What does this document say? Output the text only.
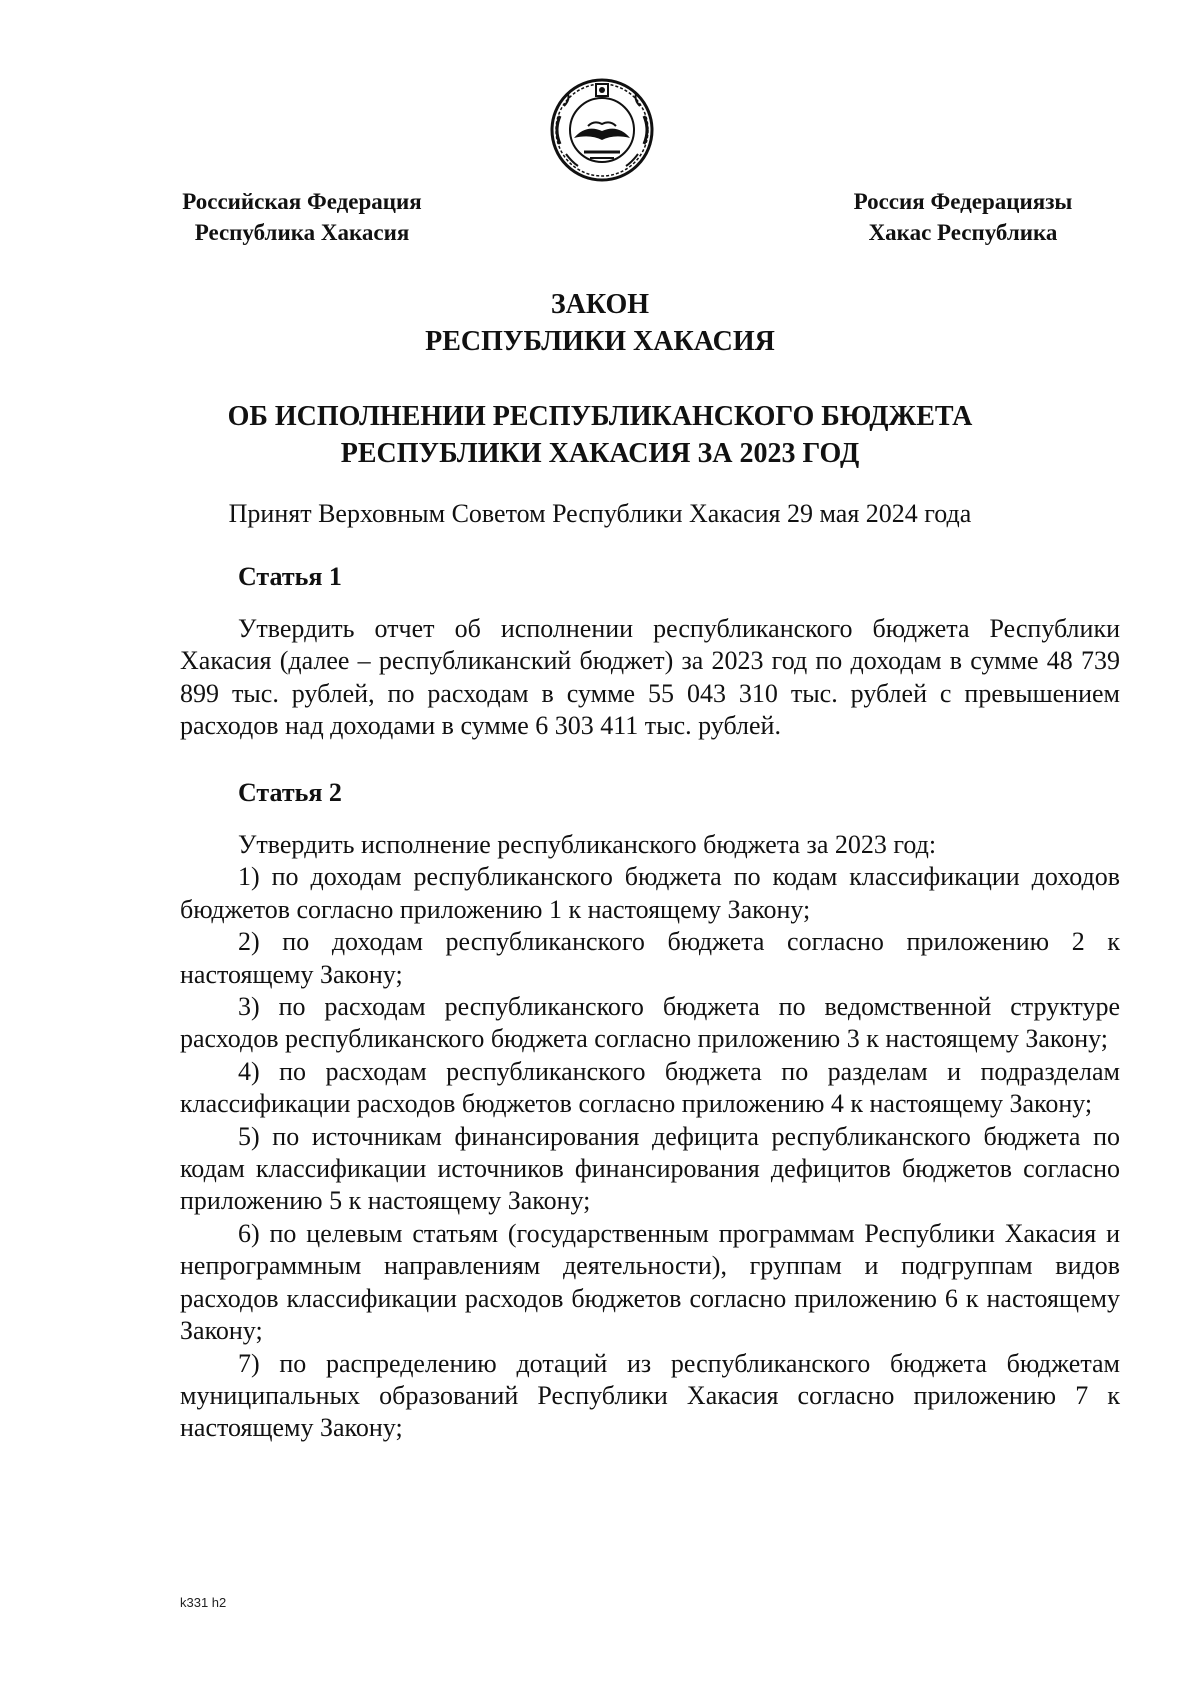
Российская Федерация
Республика Хакасия
Россия Федерациязы
Хакас Республика
ЗАКОН
РЕСПУБЛИКИ ХАКАСИЯ
ОБ ИСПОЛНЕНИИ РЕСПУБЛИКАНСКОГО БЮДЖЕТА
РЕСПУБЛИКИ ХАКАСИЯ ЗА 2023 ГОД
Принят Верховным Советом Республики Хакасия 29 мая 2024 года
Статья 1

Утвердить отчет об исполнении республиканского бюджета Республики Хакасия (далее – республиканский бюджет) за 2023 год по доходам в сумме 48 739 899 тыс. рублей, по расходам в сумме 55 043 310 тыс. рублей с превышением расходов над доходами в сумме 6 303 411 тыс. рублей.

Статья 2

Утвердить исполнение республиканского бюджета за 2023 год:

1) по доходам республиканского бюджета по кодам классификации доходов бюджетов согласно приложению 1 к настоящему Закону;

2) по доходам республиканского бюджета согласно приложению 2 к настоящему Закону;

3) по расходам республиканского бюджета по ведомственной структуре расходов республиканского бюджета согласно приложению 3 к настоящему Закону;

4) по расходам республиканского бюджета по разделам и подразделам классификации расходов бюджетов согласно приложению 4 к настоящему Закону;

5) по источникам финансирования дефицита республиканского бюджета по кодам классификации источников финансирования дефицитов бюджетов согласно приложению 5 к настоящему Закону;

6) по целевым статьям (государственным программам Республики Хакасия и непрограммным направлениям деятельности), группам и подгруппам видов расходов классификации расходов бюджетов согласно приложению 6 к настоящему Закону;

7) по распределению дотаций из республиканского бюджета бюджетам муниципальных образований Республики Хакасия согласно приложению 7 к настоящему Закону;

k331 h2
